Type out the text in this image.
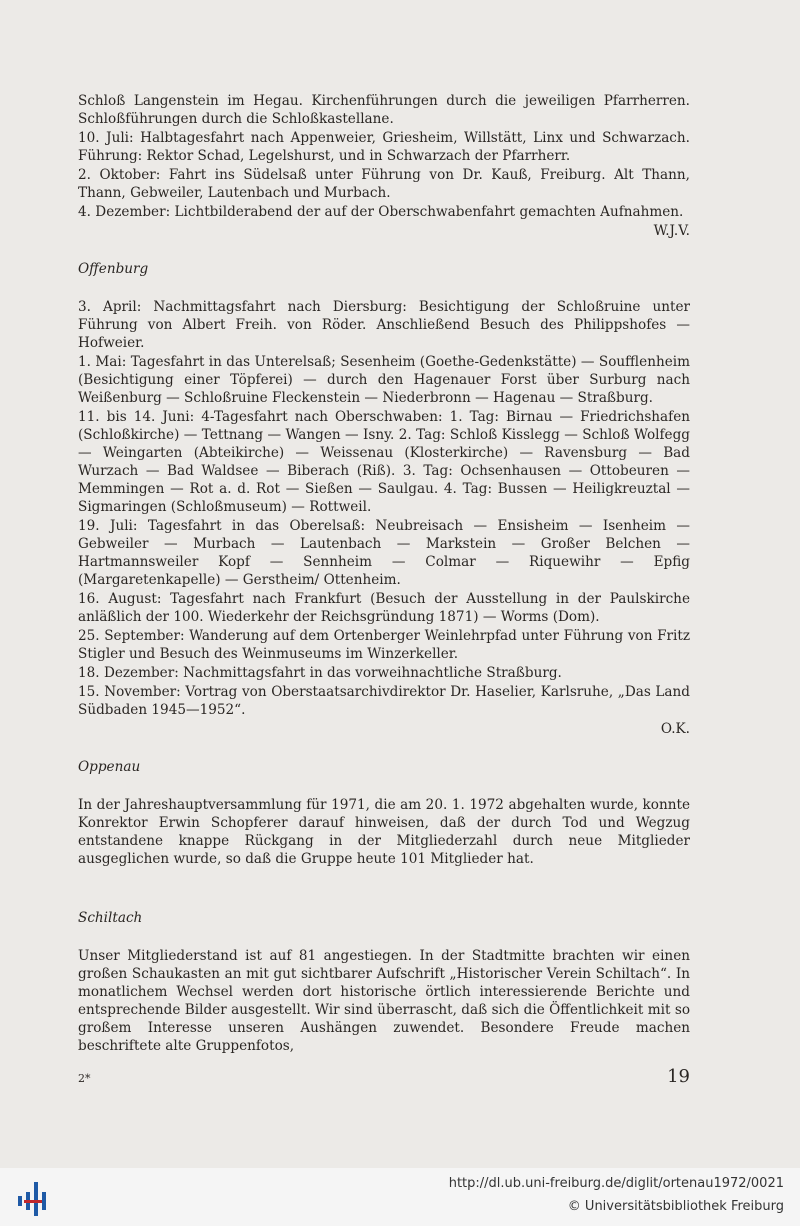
Schloß Langenstein im Hegau. Kirchenführungen durch die jeweiligen Pfarrherren. Schloßführungen durch die Schloßkastellane.

10. Juli: Halbtagesfahrt nach Appenweier, Griesheim, Willstätt, Linx und Schwarzach. Führung: Rektor Schad, Legelshurst, und in Schwarzach der Pfarrherr.

2. Oktober: Fahrt ins Südelsaß unter Führung von Dr. Kauß, Freiburg. Alt Thann, Thann, Gebweiler, Lautenbach und Murbach.

4. Dezember: Lichtbilderabend der auf der Oberschwabenfahrt gemachten Aufnahmen.

W.J.V.

Offenburg

3. April: Nachmittagsfahrt nach Diersburg: Besichtigung der Schloßruine unter Führung von Albert Freih. von Röder. Anschließend Besuch des Philippshofes — Hofweier.

1. Mai: Tagesfahrt in das Unterelsaß; Sesenheim (Goethe-Gedenkstätte) — Soufflenheim (Besichtigung einer Töpferei) — durch den Hagenauer Forst über Surburg nach Weißenburg — Schloßruine Fleckenstein — Niederbronn — Hagenau — Straßburg.

11. bis 14. Juni: 4-Tagesfahrt nach Oberschwaben: 1. Tag: Birnau — Friedrichshafen (Schloßkirche) — Tettnang — Wangen — Isny. 2. Tag: Schloß Kisslegg — Schloß Wolfegg — Weingarten (Abteikirche) — Weissenau (Klosterkirche) — Ravensburg — Bad Wurzach — Bad Waldsee — Biberach (Riß). 3. Tag: Ochsenhausen — Ottobeuren — Memmingen — Rot a. d. Rot — Sießen — Saulgau. 4. Tag: Bussen — Heiligkreuztal — Sigmaringen (Schloßmuseum) — Rottweil.

19. Juli: Tagesfahrt in das Oberelsaß: Neubreisach — Ensisheim — Isenheim — Gebweiler — Murbach — Lautenbach — Markstein — Großer Belchen — Hartmannsweiler Kopf — Sennheim — Colmar — Riquewihr — Epfig (Margaretenkapelle) — Gerstheim/ Ottenheim.

16. August: Tagesfahrt nach Frankfurt (Besuch der Ausstellung in der Paulskirche anläßlich der 100. Wiederkehr der Reichsgründung 1871) — Worms (Dom).

25. September: Wanderung auf dem Ortenberger Weinlehrpfad unter Führung von Fritz Stigler und Besuch des Weinmuseums im Winzerkeller.

18. Dezember: Nachmittagsfahrt in das vorweihnachtliche Straßburg.

15. November: Vortrag von Oberstaatsarchivdirektor Dr. Haselier, Karlsruhe, „Das Land Südbaden 1945—1952“.

O.K.

Oppenau

In der Jahreshauptversammlung für 1971, die am 20. 1. 1972 abgehalten wurde, konnte Konrektor Erwin Schopferer darauf hinweisen, daß der durch Tod und Wegzug entstandene knappe Rückgang in der Mitgliederzahl durch neue Mitglieder ausgeglichen wurde, so daß die Gruppe heute 101 Mitglieder hat.

Schiltach

Unser Mitgliederstand ist auf 81 angestiegen. In der Stadtmitte brachten wir einen großen Schaukasten an mit gut sichtbarer Aufschrift „Historischer Verein Schiltach“. In monatlichem Wechsel werden dort historische örtlich interessierende Berichte und entsprechende Bilder ausgestellt. Wir sind überrascht, daß sich die Öffentlichkeit mit so großem Interesse unseren Aushängen zuwendet. Besondere Freude machen beschriftete alte Gruppenfotos,

2*	19
http://dl.ub.uni-freiburg.de/diglit/ortenau1972/0021
© Universitätsbibliothek Freiburg
